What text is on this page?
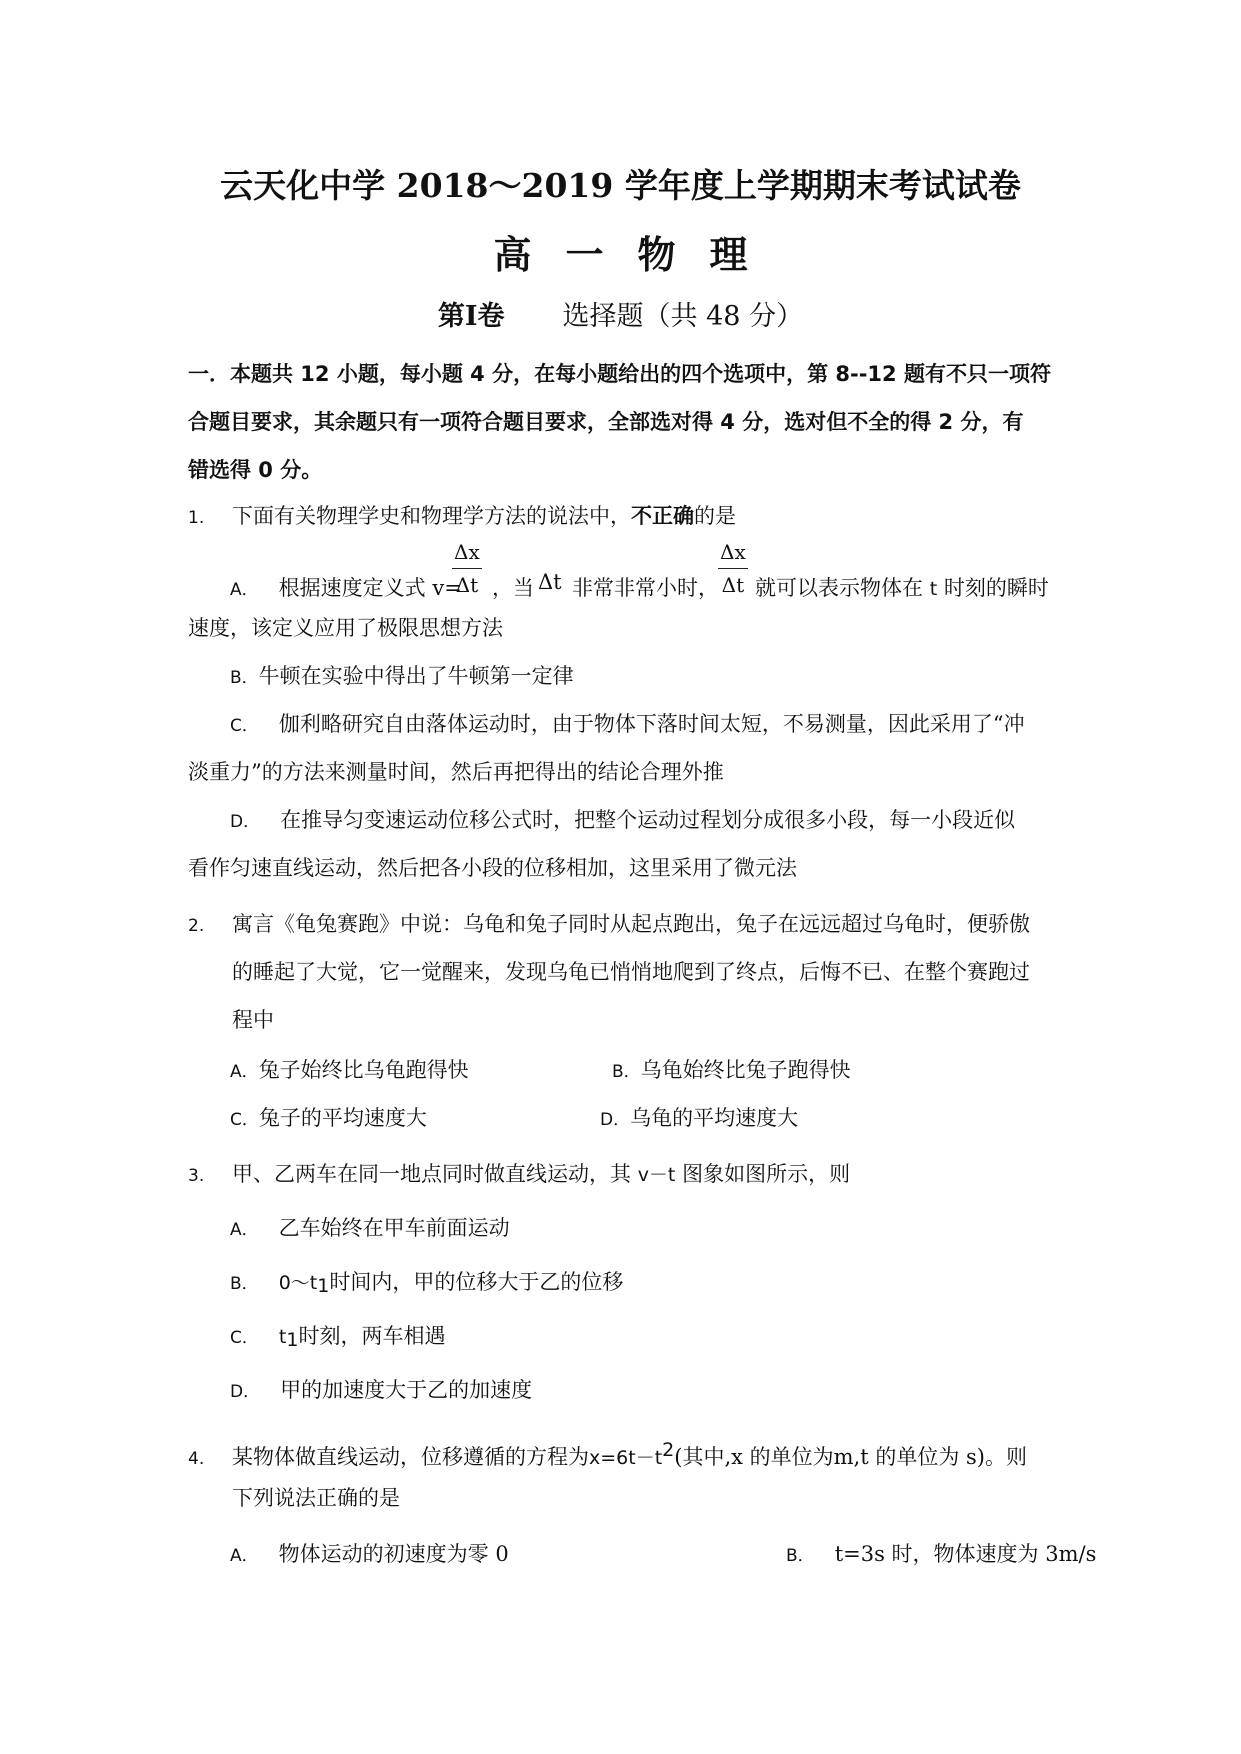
云天化中学 2018～2019 学年度上学期期末考试试卷
高一物理
第Ⅰ卷 选择题（共 48 分）
一．本题共 12 小题，每小题 4 分，在每小题给出的四个选项中，第 8--12 题有不只一项符
合题目要求，其余题只有一项符合题目要求，全部选对得 4 分，选对但不全的得 2 分，有
错选得 0 分。
1. 下面有关物理学史和物理学方法的说法中，不正确的是
$\frac{\Delta x}{\Delta t}$	$\frac{\Delta x}{\Delta t}$
A． 根据速度定义式 v= ，当 Δt 非常非常小时， 就可以表示物体在 t 时刻的瞬时
速度，该定义应用了极限思想方法
B．牛顿在实验中得出了牛顿第一定律
C． 伽利略研究自由落体运动时，由于物体下落时间太短，不易测量，因此采用了“冲
淡重力”的方法来测量时间，然后再把得出的结论合理外推
D． 在推导匀变速运动位移公式时，把整个运动过程划分成很多小段，每一小段近似
看作匀速直线运动，然后把各小段的位移相加，这里采用了微元法
2. 寓言《龟兔赛跑》中说：乌龟和兔子同时从起点跑出，兔子在远远超过乌龟时，便骄傲
的睡起了大觉，它一觉醒来，发现乌龟已悄悄地爬到了终点，后悔不已、在整个赛跑过
程中
A．兔子始终比乌龟跑得快	B．乌龟始终比兔子跑得快
C．兔子的平均速度大	D．乌龟的平均速度大
3. 甲、乙两车在同一地点同时做直线运动，其 v－t 图象如图所示，则
A． 乙车始终在甲车前面运动
B． $0\sim t_1$时间内，甲的位移大于乙的位移
C． $t_1$时刻，两车相遇
D． 甲的加速度大于乙的加速度
4. 某物体做直线运动，位移遵循的方程为$x=6t-t^2$(其中,x 的单位为m,t 的单位为 s)。则
下列说法正确的是
A． 物体运动的初速度为零 0	B． t=3s 时，物体速度为 3m/s
